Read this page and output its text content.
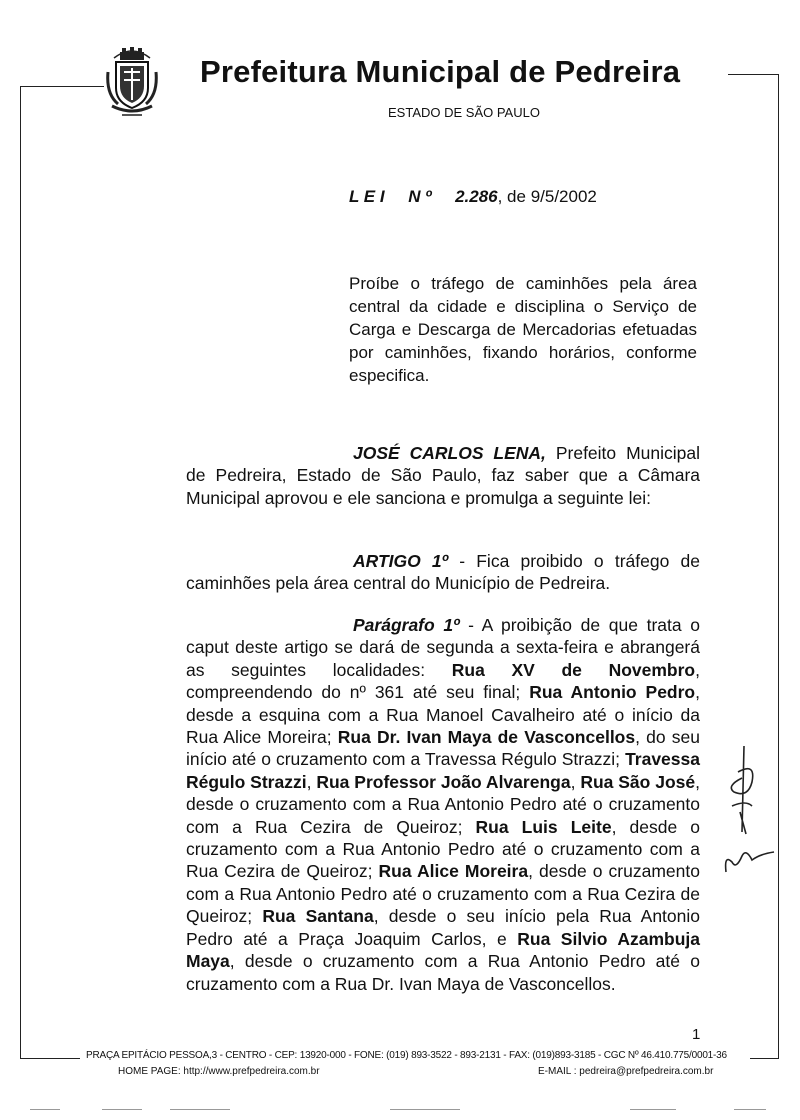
Prefeitura Municipal de Pedreira
ESTADO DE SÃO PAULO
L E I N º 2.286, de 9/5/2002
Proíbe o tráfego de caminhões pela área central da cidade e disciplina o Serviço de Carga e Descarga de Mercadorias efetuadas por caminhões, fixando horários, conforme especifica.
JOSÉ CARLOS LENA, Prefeito Municipal de Pedreira, Estado de São Paulo, faz saber que a Câmara Municipal aprovou e ele sanciona e promulga a seguinte lei:
ARTIGO 1º - Fica proibido o tráfego de caminhões pela área central do Município de Pedreira.
Parágrafo 1º - A proibição de que trata o caput deste artigo se dará de segunda a sexta-feira e abrangerá as seguintes localidades: Rua XV de Novembro, compreendendo do nº 361 até seu final; Rua Antonio Pedro, desde a esquina com a Rua Manoel Cavalheiro até o início da Rua Alice Moreira; Rua Dr. Ivan Maya de Vasconcellos, do seu início até o cruzamento com a Travessa Régulo Strazzi; Travessa Régulo Strazzi, Rua Professor João Alvarenga, Rua São José, desde o cruzamento com a Rua Antonio Pedro até o cruzamento com a Rua Cezira de Queiroz; Rua Luis Leite, desde o cruzamento com a Rua Antonio Pedro até o cruzamento com a Rua Cezira de Queiroz; Rua Alice Moreira, desde o cruzamento com a Rua Antonio Pedro até o cruzamento com a Rua Cezira de Queiroz; Rua Santana, desde o seu início pela Rua Antonio Pedro até a Praça Joaquim Carlos, e Rua Silvio Azambuja Maya, desde o cruzamento com a Rua Antonio Pedro até o cruzamento com a Rua Dr. Ivan Maya de Vasconcellos.
1
PRAÇA EPITÁCIO PESSOA,3 - CENTRO - CEP: 13920-000 - FONE: (019) 893-3522 - 893-2131 - FAX: (019)893-3185 - CGC Nº 46.410.775/0001-36
HOME PAGE: http://www.prefpedreira.com.br	E-MAIL : pedreira@prefpedreira.com.br
